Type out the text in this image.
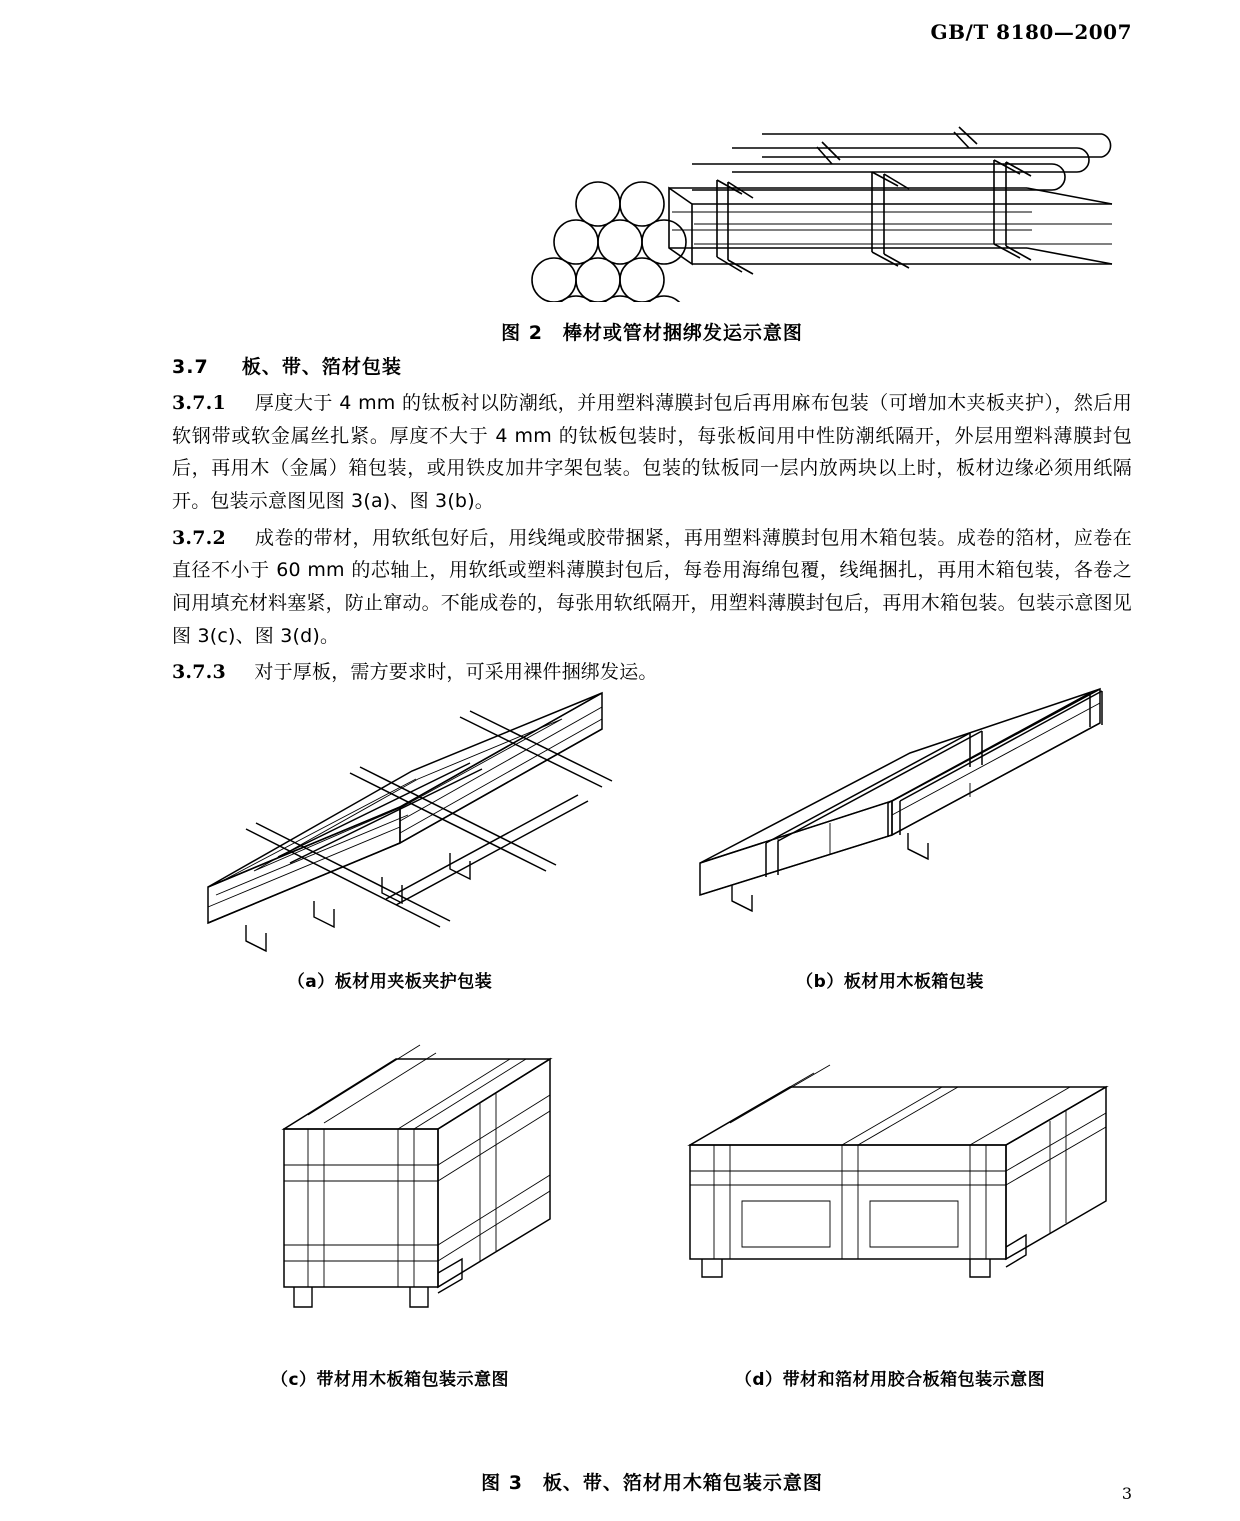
GB/T 8180—2007
图 2　棒材或管材捆绑发运示意图
3.7 板、带、箔材包装
3.7.1 厚度大于 4 mm 的钛板衬以防潮纸，并用塑料薄膜封包后再用麻布包装（可增加木夹板夹护），然后用软钢带或软金属丝扎紧。厚度不大于 4 mm 的钛板包装时，每张板间用中性防潮纸隔开，外层用塑料薄膜封包后，再用木（金属）箱包装，或用铁皮加井字架包装。包装的钛板同一层内放两块以上时，板材边缘必须用纸隔开。包装示意图见图 3(a)、图 3(b)。
3.7.2 成卷的带材，用软纸包好后，用线绳或胶带捆紧，再用塑料薄膜封包用木箱包装。成卷的箔材，应卷在直径不小于 60 mm 的芯轴上，用软纸或塑料薄膜封包后，每卷用海绵包覆，线绳捆扎，再用木箱包装，各卷之间用填充材料塞紧，防止窜动。不能成卷的，每张用软纸隔开，用塑料薄膜封包后，再用木箱包装。包装示意图见图 3(c)、图 3(d)。
3.7.3 对于厚板，需方要求时，可采用裸件捆绑发运。
（a）板材用夹板夹护包装	（b）板材用木板箱包装
（c）带材用木板箱包装示意图	（d）带材和箔材用胶合板箱包装示意图
图 3　板、带、箔材用木箱包装示意图	3
